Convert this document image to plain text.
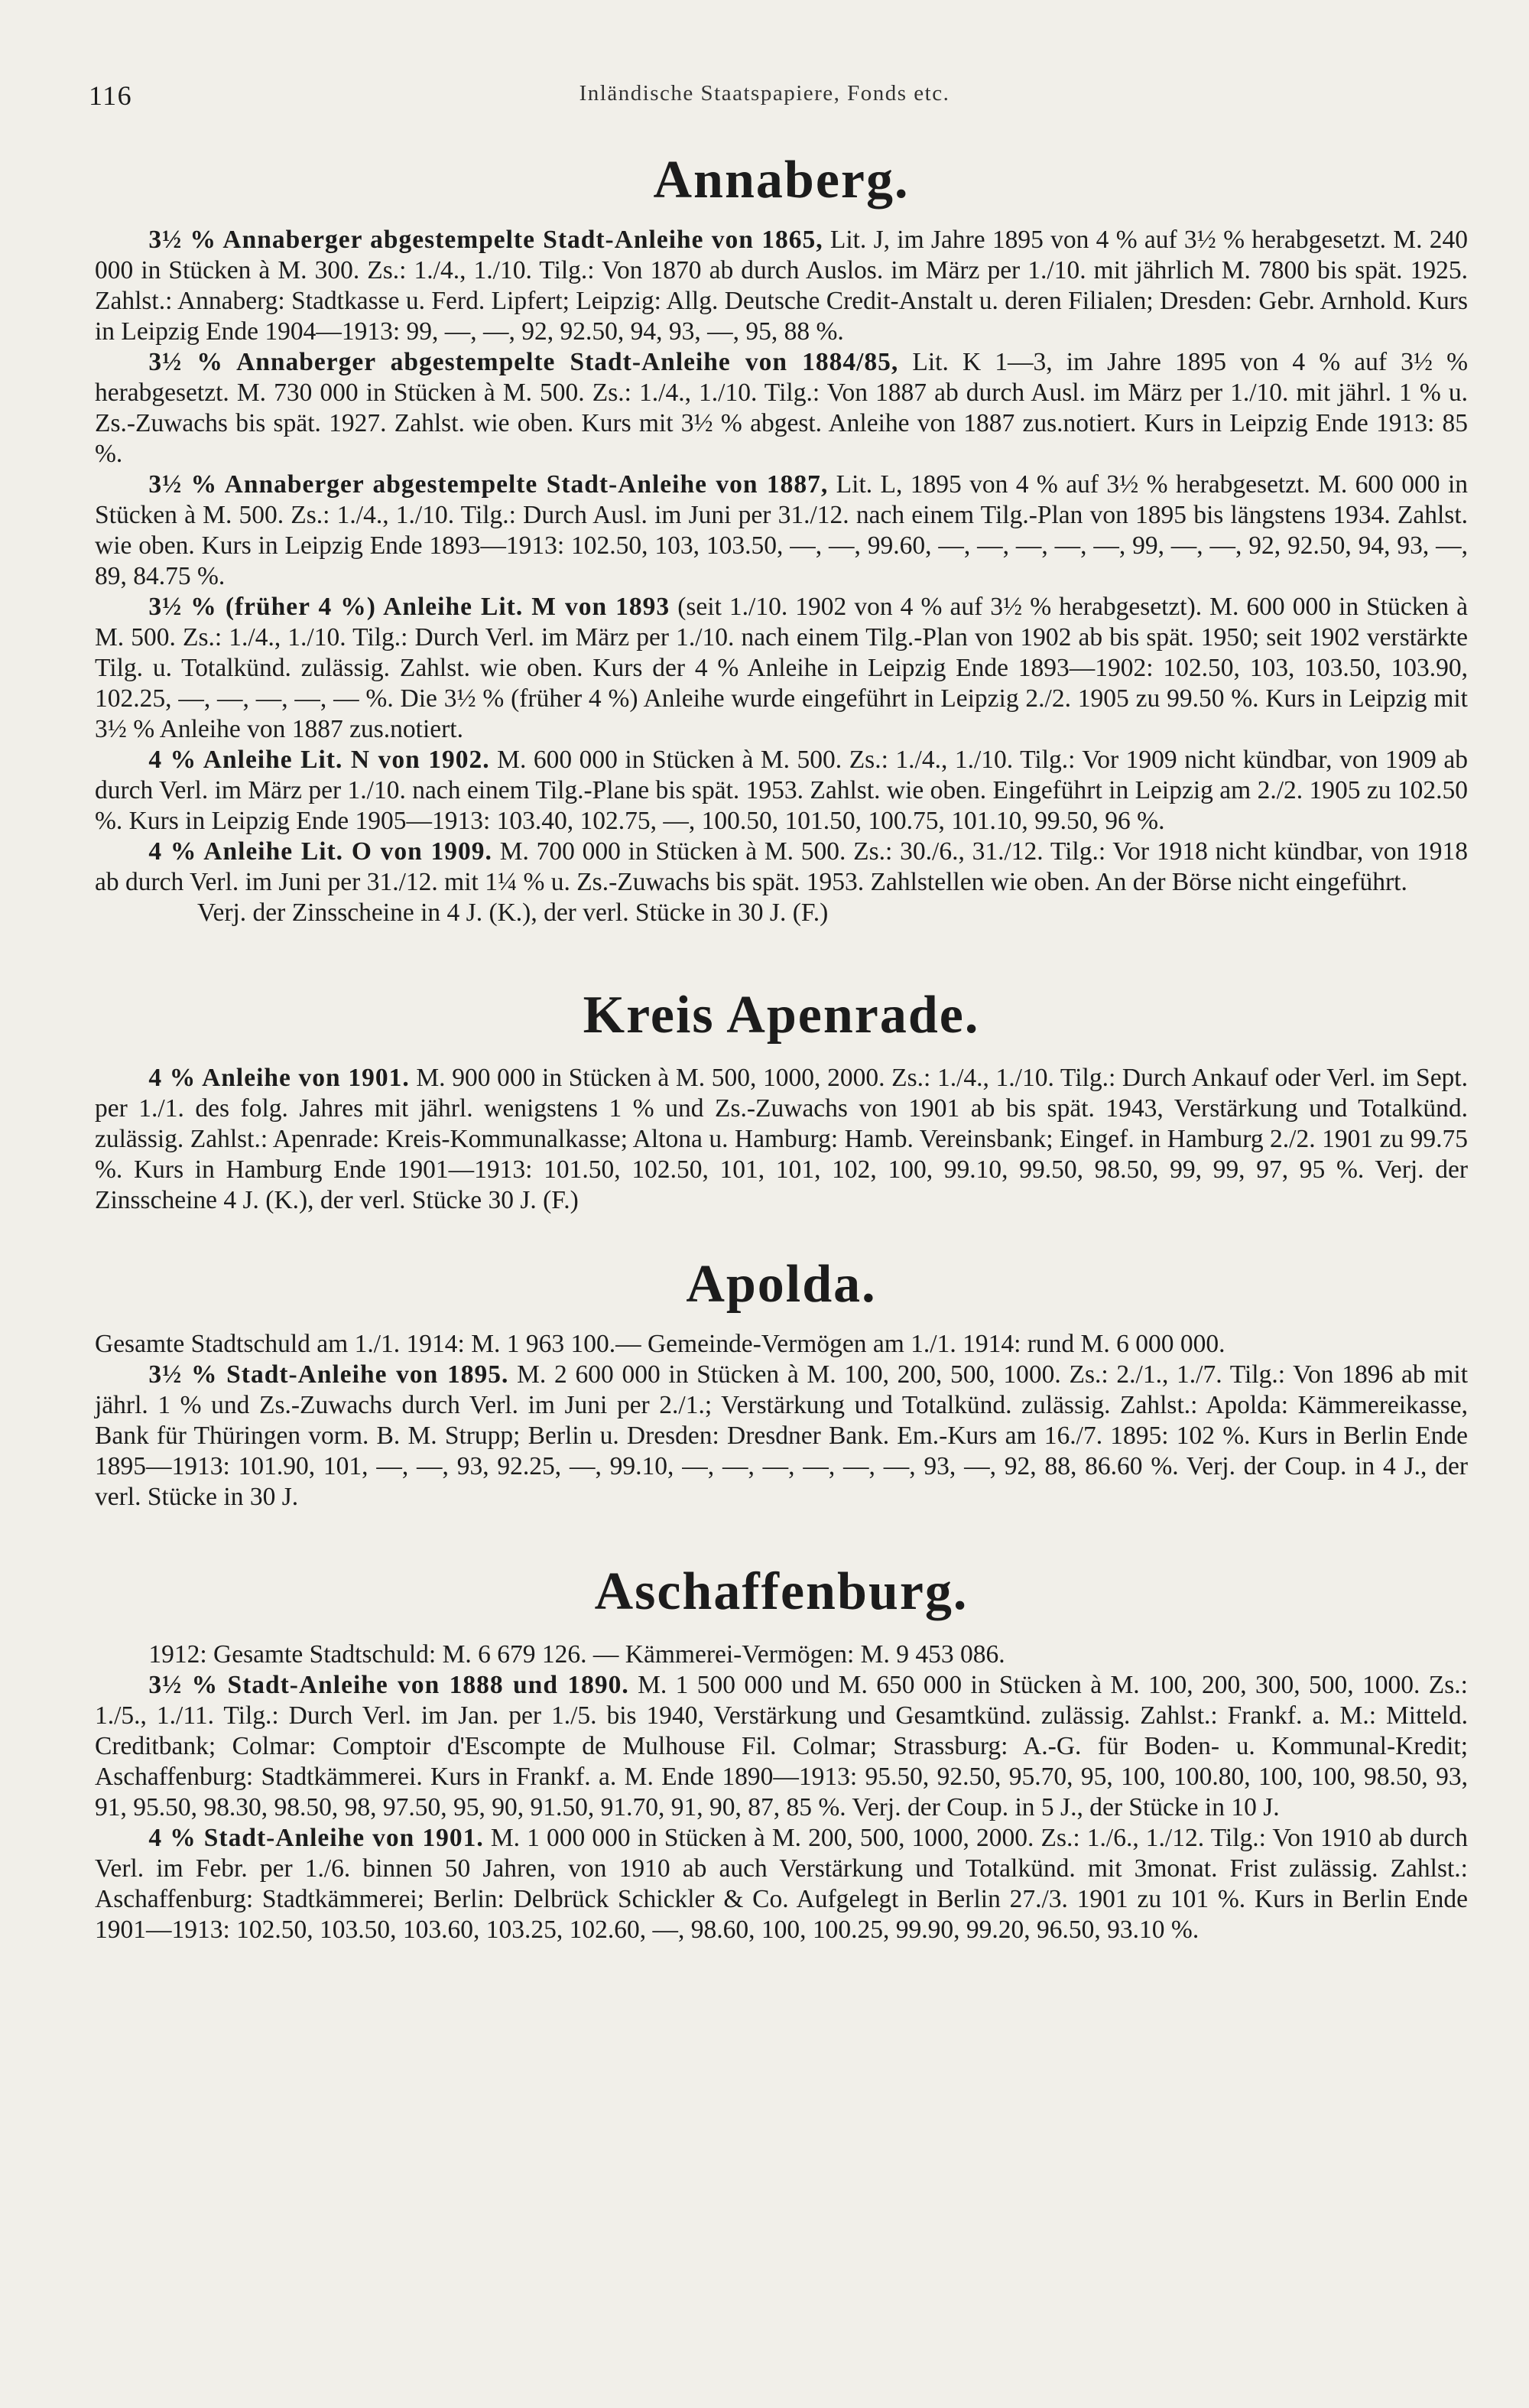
116	Inländische Staatspapiere, Fonds etc.
Annaberg.

3½ % Annaberger abgestempelte Stadt-Anleihe von 1865, Lit. J, im Jahre 1895 von 4 % auf 3½ % herabgesetzt. M. 240 000 in Stücken à M. 300. Zs.: 1./4., 1./10. Tilg.: Von 1870 ab durch Auslos. im März per 1./10. mit jährlich M. 7800 bis spät. 1925. Zahlst.: Annaberg: Stadtkasse u. Ferd. Lipfert; Leipzig: Allg. Deutsche Credit-Anstalt u. deren Filialen; Dresden: Gebr. Arnhold. Kurs in Leipzig Ende 1904—1913: 99, —, —, 92, 92.50, 94, 93, —, 95, 88 %.

3½ % Annaberger abgestempelte Stadt-Anleihe von 1884/85, Lit. K 1—3, im Jahre 1895 von 4 % auf 3½ % herabgesetzt. M. 730 000 in Stücken à M. 500. Zs.: 1./4., 1./10. Tilg.: Von 1887 ab durch Ausl. im März per 1./10. mit jährl. 1 % u. Zs.-Zuwachs bis spät. 1927. Zahlst. wie oben. Kurs mit 3½ % abgest. Anleihe von 1887 zus.notiert. Kurs in Leipzig Ende 1913: 85 %.

3½ % Annaberger abgestempelte Stadt-Anleihe von 1887, Lit. L, 1895 von 4 % auf 3½ % herabgesetzt. M. 600 000 in Stücken à M. 500. Zs.: 1./4., 1./10. Tilg.: Durch Ausl. im Juni per 31./12. nach einem Tilg.-Plan von 1895 bis längstens 1934. Zahlst. wie oben. Kurs in Leipzig Ende 1893—1913: 102.50, 103, 103.50, —, —, 99.60, —, —, —, —, —, 99, —, —, 92, 92.50, 94, 93, —, 89, 84.75 %.

3½ % (früher 4 %) Anleihe Lit. M von 1893 (seit 1./10. 1902 von 4 % auf 3½ % herabgesetzt). M. 600 000 in Stücken à M. 500. Zs.: 1./4., 1./10. Tilg.: Durch Verl. im März per 1./10. nach einem Tilg.-Plan von 1902 ab bis spät. 1950; seit 1902 verstärkte Tilg. u. Totalkünd. zulässig. Zahlst. wie oben. Kurs der 4 % Anleihe in Leipzig Ende 1893—1902: 102.50, 103, 103.50, 103.90, 102.25, —, —, —, —, — %. Die 3½ % (früher 4 %) Anleihe wurde eingeführt in Leipzig 2./2. 1905 zu 99.50 %. Kurs in Leipzig mit 3½ % Anleihe von 1887 zus.notiert.

4 % Anleihe Lit. N von 1902. M. 600 000 in Stücken à M. 500. Zs.: 1./4., 1./10. Tilg.: Vor 1909 nicht kündbar, von 1909 ab durch Verl. im März per 1./10. nach einem Tilg.-Plane bis spät. 1953. Zahlst. wie oben. Eingeführt in Leipzig am 2./2. 1905 zu 102.50 %. Kurs in Leipzig Ende 1905—1913: 103.40, 102.75, —, 100.50, 101.50, 100.75, 101.10, 99.50, 96 %.

4 % Anleihe Lit. O von 1909. M. 700 000 in Stücken à M. 500. Zs.: 30./6., 31./12. Tilg.: Vor 1918 nicht kündbar, von 1918 ab durch Verl. im Juni per 31./12. mit 1¼ % u. Zs.-Zuwachs bis spät. 1953. Zahlstellen wie oben. An der Börse nicht eingeführt.

Verj. der Zinsscheine in 4 J. (K.), der verl. Stücke in 30 J. (F.)

Kreis Apenrade.

4 % Anleihe von 1901. M. 900 000 in Stücken à M. 500, 1000, 2000. Zs.: 1./4., 1./10. Tilg.: Durch Ankauf oder Verl. im Sept. per 1./1. des folg. Jahres mit jährl. wenigstens 1 % und Zs.-Zuwachs von 1901 ab bis spät. 1943, Verstärkung und Totalkünd. zulässig. Zahlst.: Apenrade: Kreis-Kommunalkasse; Altona u. Hamburg: Hamb. Vereinsbank; Eingef. in Hamburg 2./2. 1901 zu 99.75 %. Kurs in Hamburg Ende 1901—1913: 101.50, 102.50, 101, 101, 102, 100, 99.10, 99.50, 98.50, 99, 99, 97, 95 %. Verj. der Zinsscheine 4 J. (K.), der verl. Stücke 30 J. (F.)

Apolda.

Gesamte Stadtschuld am 1./1. 1914: M. 1 963 100.— Gemeinde-Vermögen am 1./1. 1914: rund M. 6 000 000.

3½ % Stadt-Anleihe von 1895. M. 2 600 000 in Stücken à M. 100, 200, 500, 1000. Zs.: 2./1., 1./7. Tilg.: Von 1896 ab mit jährl. 1 % und Zs.-Zuwachs durch Verl. im Juni per 2./1.; Verstärkung und Totalkünd. zulässig. Zahlst.: Apolda: Kämmereikasse, Bank für Thüringen vorm. B. M. Strupp; Berlin u. Dresden: Dresdner Bank. Em.-Kurs am 16./7. 1895: 102 %. Kurs in Berlin Ende 1895—1913: 101.90, 101, —, —, 93, 92.25, —, 99.10, —, —, —, —, —, —, 93, —, 92, 88, 86.60 %. Verj. der Coup. in 4 J., der verl. Stücke in 30 J.

Aschaffenburg.

1912: Gesamte Stadtschuld: M. 6 679 126. — Kämmerei-Vermögen: M. 9 453 086.

3½ % Stadt-Anleihe von 1888 und 1890. M. 1 500 000 und M. 650 000 in Stücken à M. 100, 200, 300, 500, 1000. Zs.: 1./5., 1./11. Tilg.: Durch Verl. im Jan. per 1./5. bis 1940, Verstärkung und Gesamtkünd. zulässig. Zahlst.: Frankf. a. M.: Mitteld. Creditbank; Colmar: Comptoir d'Escompte de Mulhouse Fil. Colmar; Strassburg: A.-G. für Boden- u. Kommunal-Kredit; Aschaffenburg: Stadtkämmerei. Kurs in Frankf. a. M. Ende 1890—1913: 95.50, 92.50, 95.70, 95, 100, 100.80, 100, 100, 98.50, 93, 91, 95.50, 98.30, 98.50, 98, 97.50, 95, 90, 91.50, 91.70, 91, 90, 87, 85 %. Verj. der Coup. in 5 J., der Stücke in 10 J.

4 % Stadt-Anleihe von 1901. M. 1 000 000 in Stücken à M. 200, 500, 1000, 2000. Zs.: 1./6., 1./12. Tilg.: Von 1910 ab durch Verl. im Febr. per 1./6. binnen 50 Jahren, von 1910 ab auch Verstärkung und Totalkünd. mit 3monat. Frist zulässig. Zahlst.: Aschaffenburg: Stadtkämmerei; Berlin: Delbrück Schickler & Co. Aufgelegt in Berlin 27./3. 1901 zu 101 %. Kurs in Berlin Ende 1901—1913: 102.50, 103.50, 103.60, 103.25, 102.60, —, 98.60, 100, 100.25, 99.90, 99.20, 96.50, 93.10 %.
